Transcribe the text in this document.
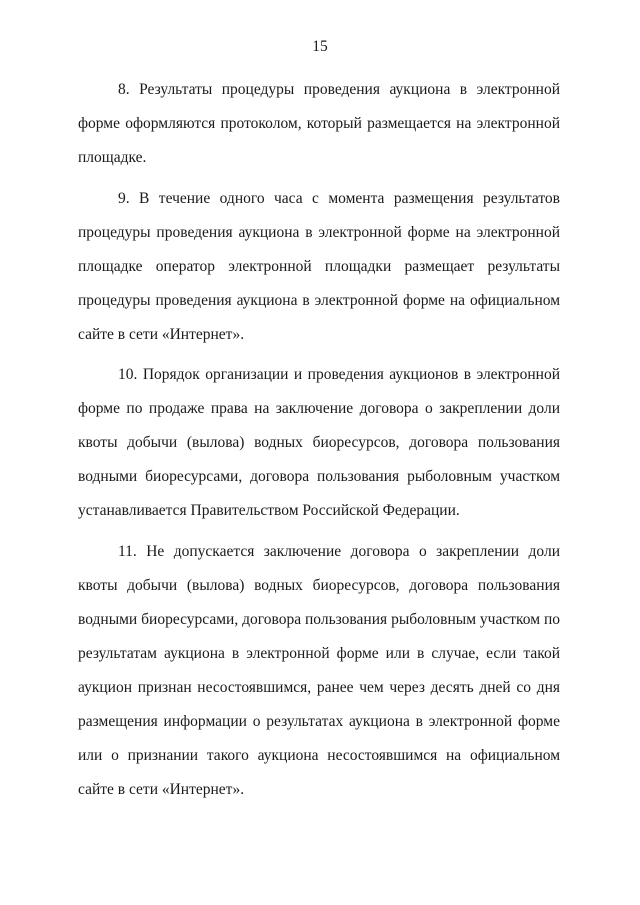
15

8. Результаты процедуры проведения аукциона в электронной форме оформляются протоколом, который размещается на электронной площадке.

9. В течение одного часа с момента размещения результатов процедуры проведения аукциона в электронной форме на электронной площадке оператор электронной площадки размещает результаты процедуры проведения аукциона в электронной форме на официальном сайте в сети «Интернет».

10. Порядок организации и проведения аукционов в электронной форме по продаже права на заключение договора о закреплении доли квоты добычи (вылова) водных биоресурсов, договора пользования водными биоресурсами, договора пользования рыболовным участком устанавливается Правительством Российской Федерации.

11. Не допускается заключение договора о закреплении доли квоты добычи (вылова) водных биоресурсов, договора пользования водными биоресурсами, договора пользования рыболовным участком по результатам аукциона в электронной форме или в случае, если такой аукцион признан несостоявшимся, ранее чем через десять дней со дня размещения информации о результатах аукциона в электронной форме или о признании такого аукциона несостоявшимся на официальном сайте в сети «Интернет».
